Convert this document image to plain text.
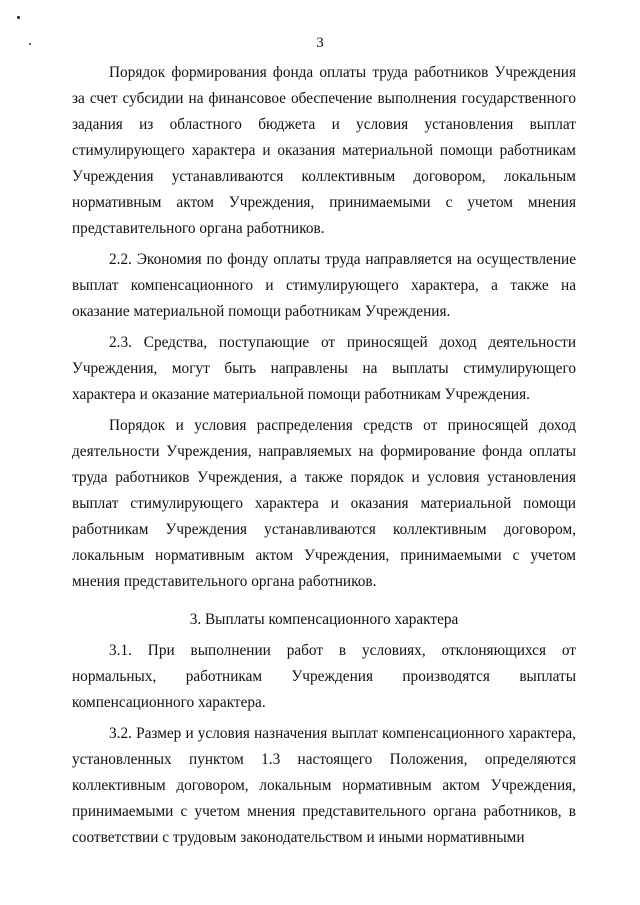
3

Порядок формирования фонда оплаты труда работников Учреждения за счет субсидии на финансовое обеспечение выполнения государственного задания из областного бюджета и условия установления выплат стимулирующего характера и оказания материальной помощи работникам Учреждения устанавливаются коллективным договором, локальным нормативным актом Учреждения, принимаемыми с учетом мнения представительного органа работников.

2.2. Экономия по фонду оплаты труда направляется на осуществление выплат компенсационного и стимулирующего характера, а также на оказание материальной помощи работникам Учреждения.

2.3. Средства, поступающие от приносящей доход деятельности Учреждения, могут быть направлены на выплаты стимулирующего характера и оказание материальной помощи работникам Учреждения.

Порядок и условия распределения средств от приносящей доход деятельности Учреждения, направляемых на формирование фонда оплаты труда работников Учреждения, а также порядок и условия установления выплат стимулирующего характера и оказания материальной помощи работникам Учреждения устанавливаются коллективным договором, локальным нормативным актом Учреждения, принимаемыми с учетом мнения представительного органа работников.

3. Выплаты компенсационного характера

3.1. При выполнении работ в условиях, отклоняющихся от нормальных, работникам Учреждения производятся выплаты компенсационного характера.

3.2. Размер и условия назначения выплат компенсационного характера, установленных пунктом 1.3 настоящего Положения, определяются коллективным договором, локальным нормативным актом Учреждения, принимаемыми с учетом мнения представительного органа работников, в соответствии с трудовым законодательством и иными нормативными
